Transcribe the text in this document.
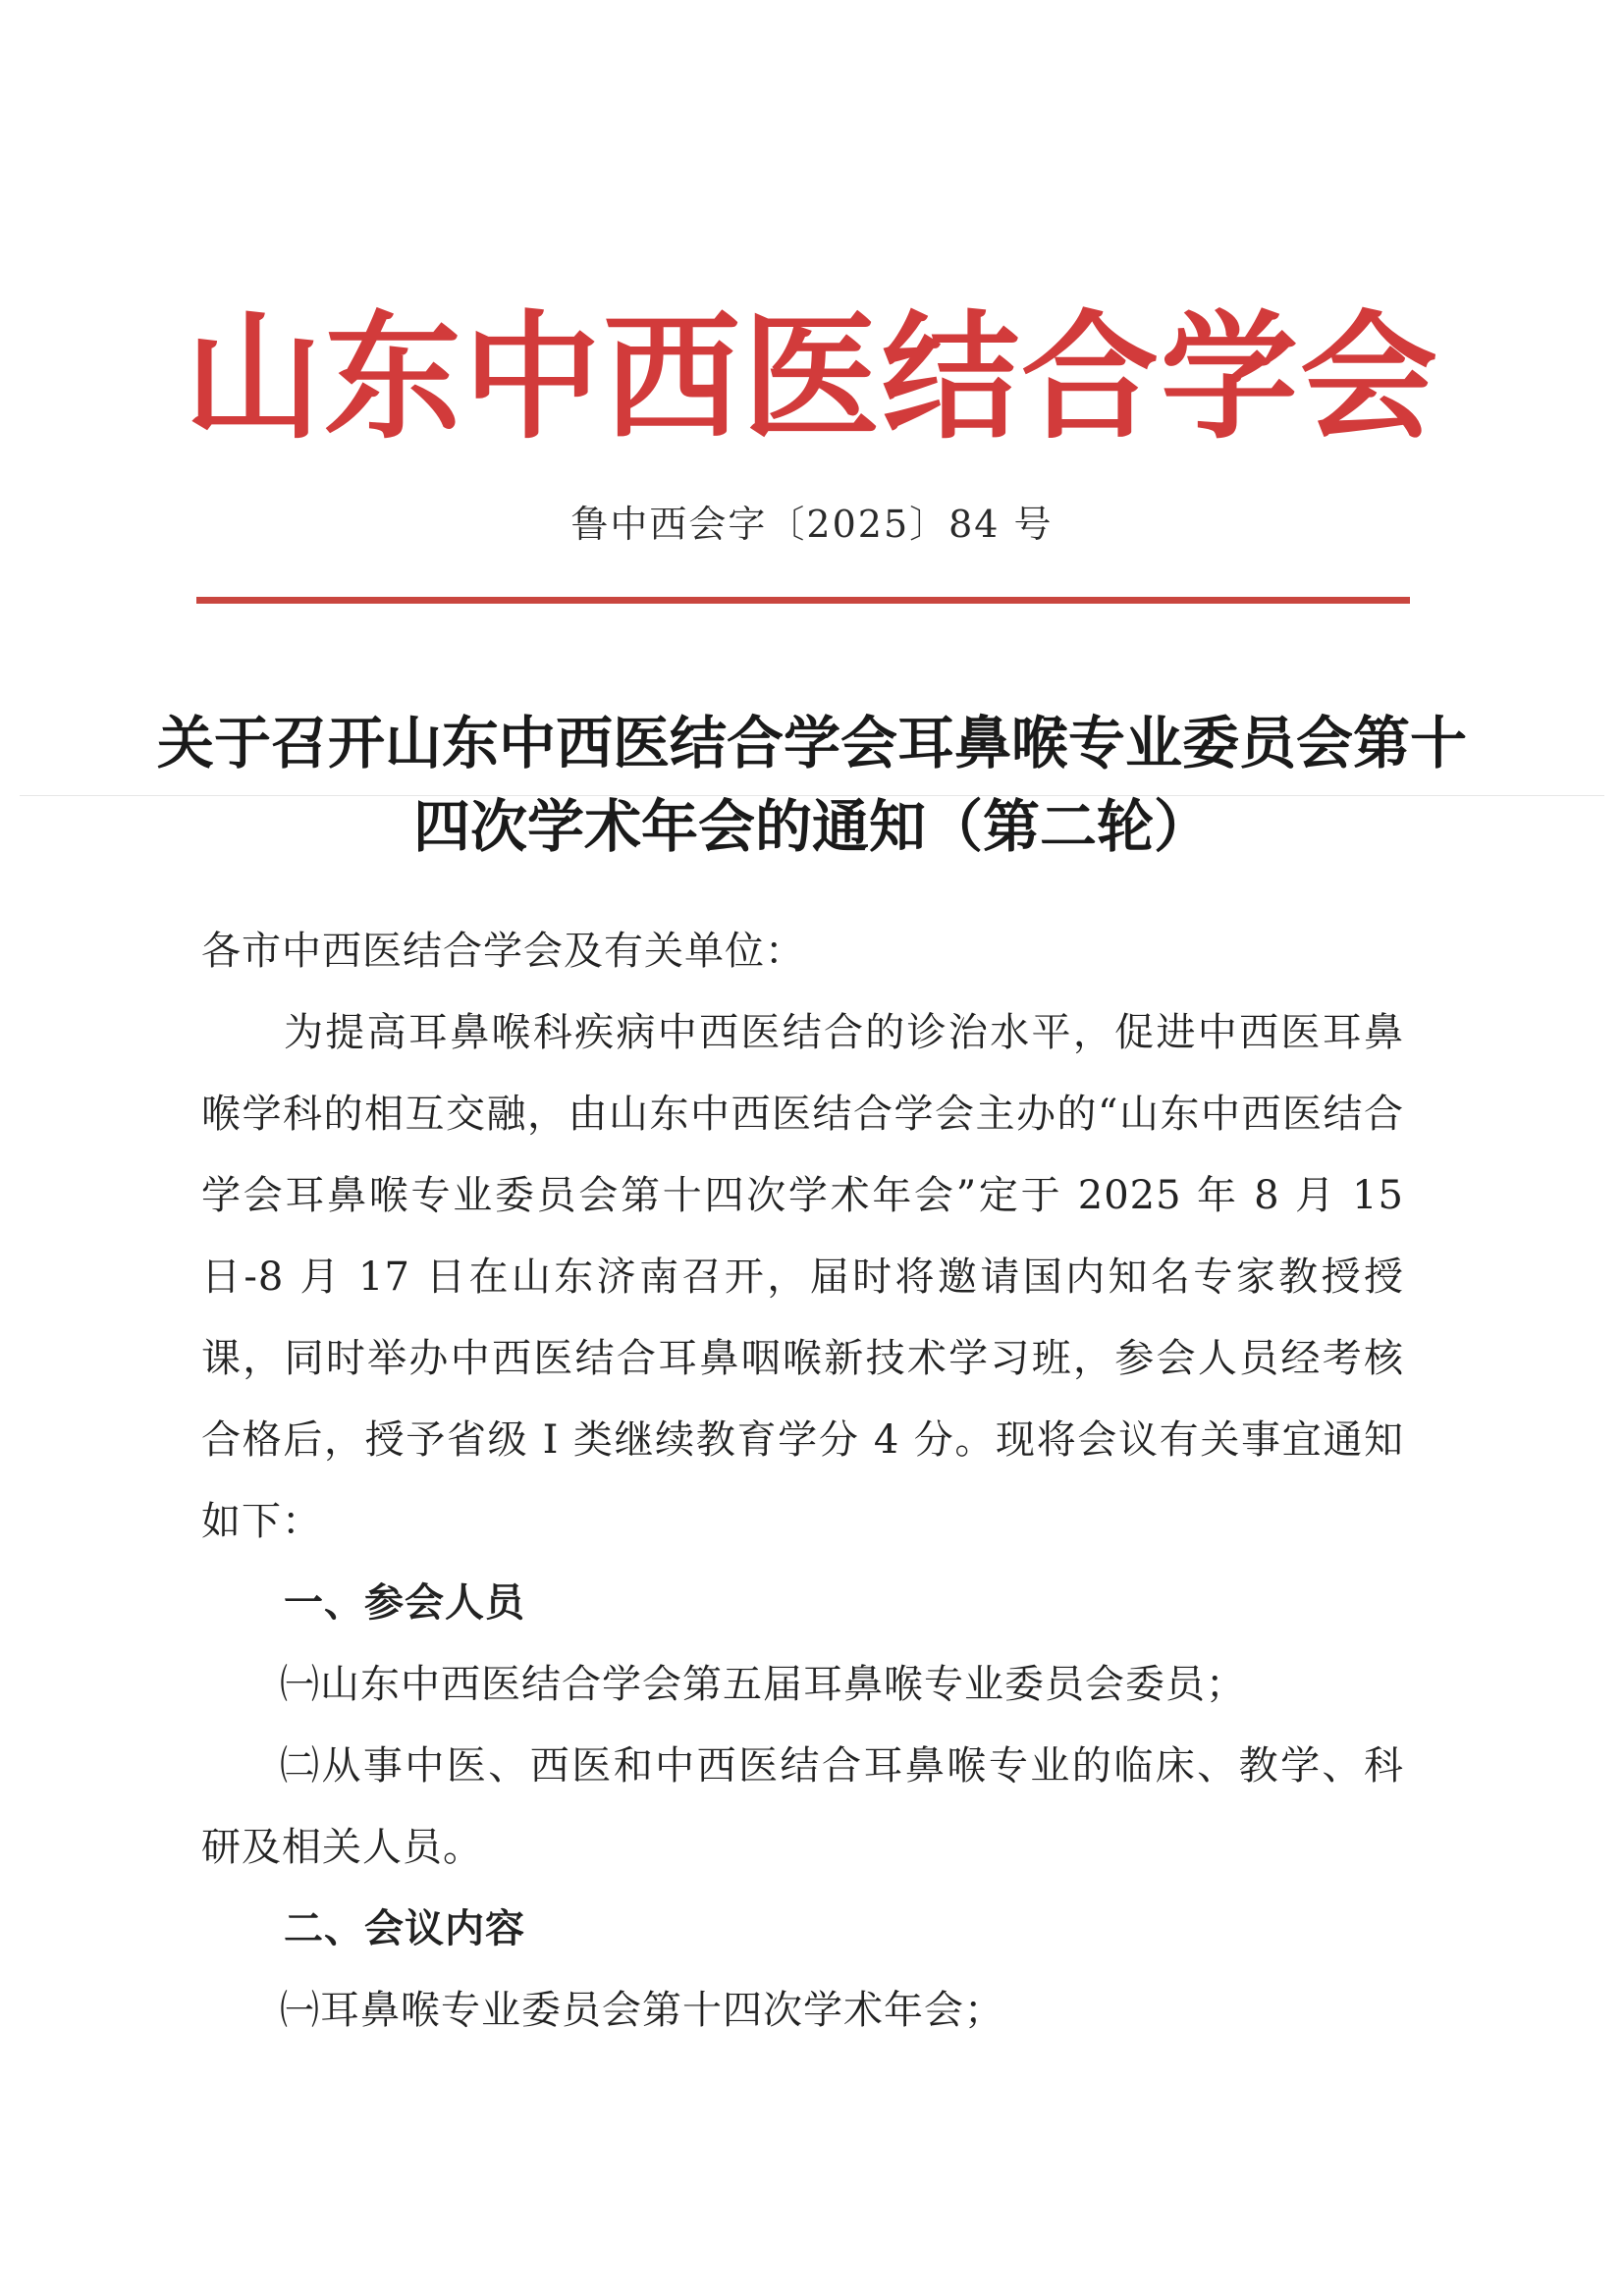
山东中西医结合学会
鲁中西会字〔2025〕84 号
关于召开山东中西医结合学会耳鼻喉专业委员会第十四次学术年会的通知（第二轮）

各市中西医结合学会及有关单位：

为提高耳鼻喉科疾病中西医结合的诊治水平，促进中西医耳鼻喉学科的相互交融，由山东中西医结合学会主办的“山东中西医结合学会耳鼻喉专业委员会第十四次学术年会”定于 2025 年 8 月 15 日-8 月 17 日在山东济南召开，届时将邀请国内知名专家教授授课，同时举办中西医结合耳鼻咽喉新技术学习班，参会人员经考核合格后，授予省级 I 类继续教育学分 4 分。现将会议有关事宜通知如下：

一、参会人员

㈠山东中西医结合学会第五届耳鼻喉专业委员会委员；

㈡从事中医、西医和中西医结合耳鼻喉专业的临床、教学、科研及相关人员。

二、会议内容

㈠耳鼻喉专业委员会第十四次学术年会；
